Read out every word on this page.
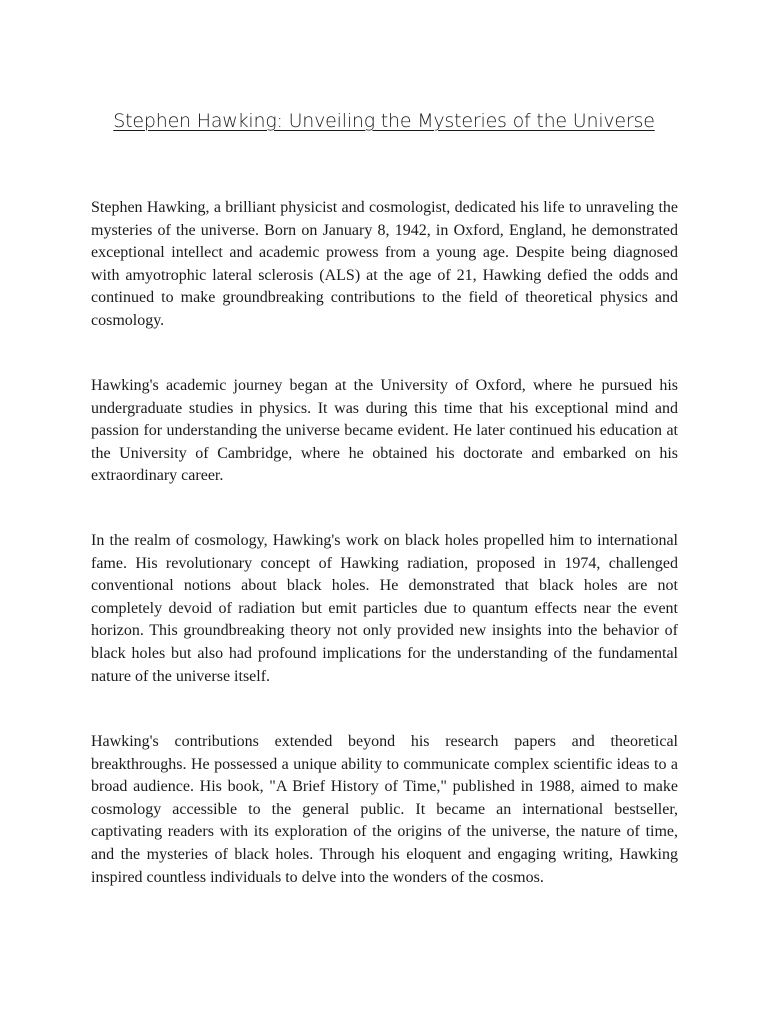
Stephen Hawking: Unveiling the Mysteries of the Universe

Stephen Hawking, a brilliant physicist and cosmologist, dedicated his life to unraveling the mysteries of the universe. Born on January 8, 1942, in Oxford, England, he demonstrated exceptional intellect and academic prowess from a young age. Despite being diagnosed with amyotrophic lateral sclerosis (ALS) at the age of 21, Hawking defied the odds and continued to make groundbreaking contributions to the field of theoretical physics and cosmology.

Hawking's academic journey began at the University of Oxford, where he pursued his undergraduate studies in physics. It was during this time that his exceptional mind and passion for understanding the universe became evident. He later continued his education at the University of Cambridge, where he obtained his doctorate and embarked on his extraordinary career.

In the realm of cosmology, Hawking's work on black holes propelled him to international fame. His revolutionary concept of Hawking radiation, proposed in 1974, challenged conventional notions about black holes. He demonstrated that black holes are not completely devoid of radiation but emit particles due to quantum effects near the event horizon. This groundbreaking theory not only provided new insights into the behavior of black holes but also had profound implications for the understanding of the fundamental nature of the universe itself.

Hawking's contributions extended beyond his research papers and theoretical breakthroughs. He possessed a unique ability to communicate complex scientific ideas to a broad audience. His book, "A Brief History of Time," published in 1988, aimed to make cosmology accessible to the general public. It became an international bestseller, captivating readers with its exploration of the origins of the universe, the nature of time, and the mysteries of black holes. Through his eloquent and engaging writing, Hawking inspired countless individuals to delve into the wonders of the cosmos.
